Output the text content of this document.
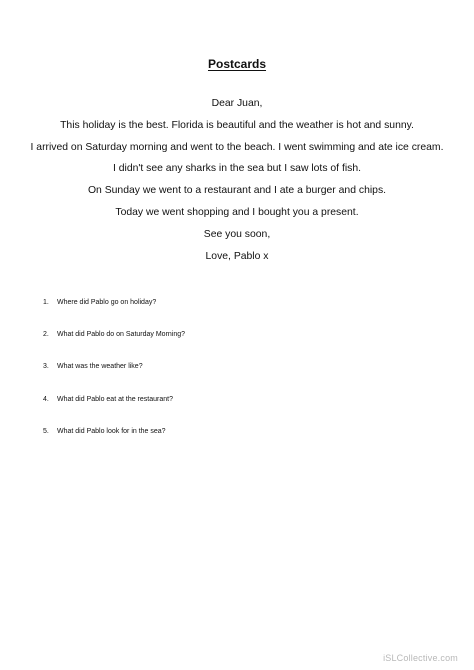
Postcards
Dear Juan,
This holiday is the best. Florida is beautiful and the weather is hot and sunny.
I arrived on Saturday morning and went to the beach. I went swimming and ate ice cream.
I didn't see any sharks in the sea but I saw lots of fish.
On Sunday we went to a restaurant and I ate a burger and chips.
Today we went shopping and I bought you a present.
See you soon,
Love, Pablo x
1.	Where did Pablo go on holiday?
2.	What did Pablo do on Saturday Morning?
3.	What was the weather like?
4.	What did Pablo eat at the restaurant?
5.	What did Pablo look for in the sea?
iSLCollective.com
